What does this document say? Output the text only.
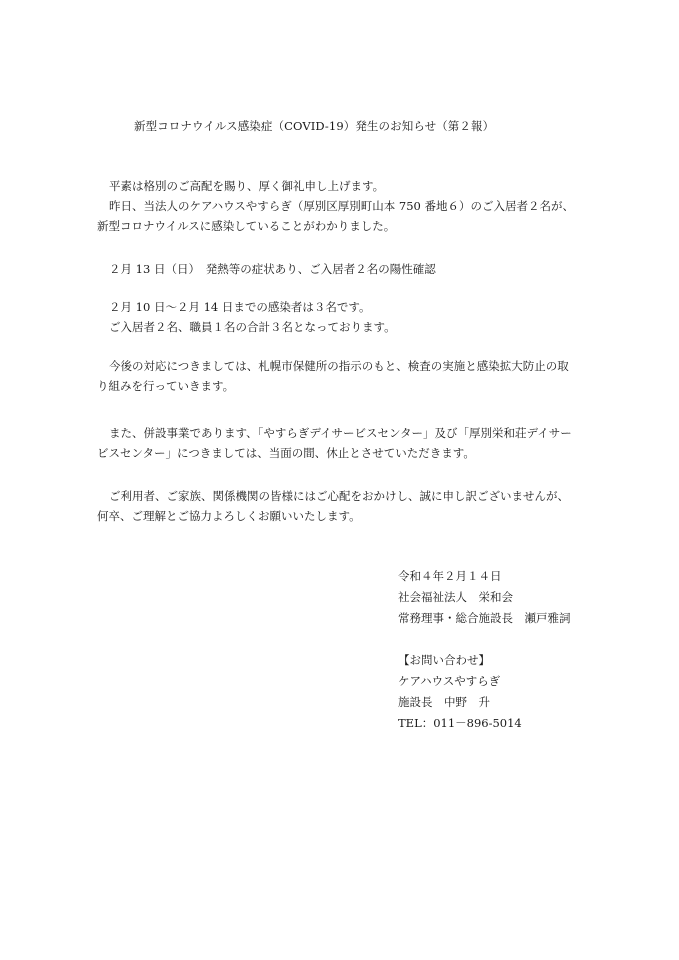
新型コロナウイルス感染症（COVID-19）発生のお知らせ（第２報）
平素は格別のご高配を賜り、厚く御礼申し上げます。
昨日、当法人のケアハウスやすらぎ（厚別区厚別町山本 750 番地６）のご入居者２名が、
新型コロナウイルスに感染していることがわかりました。
２月 13 日（日）　発熱等の症状あり、ご入居者２名の陽性確認
２月 10 日～２月 14 日までの感染者は３名です。
ご入居者２名、職員１名の合計３名となっております。
今後の対応につきましては、札幌市保健所の指示のもと、検査の実施と感染拡大防止の取
り組みを行っていきます。
また、併設事業であります、「やすらぎデイサービスセンター」及び「厚別栄和荘デイサー
ビスセンター」につきましては、当面の間、休止とさせていただきます。
ご利用者、ご家族、関係機関の皆様にはご心配をおかけし、誠に申し訳ございませんが、
何卒、ご理解とご協力よろしくお願いいたします。
令和４年２月１４日
社会福祉法人　栄和会
常務理事・総合施設長　瀬戸雅詞
【お問い合わせ】
ケアハウスやすらぎ
施設長　中野　升
TEL：011－896-5014
